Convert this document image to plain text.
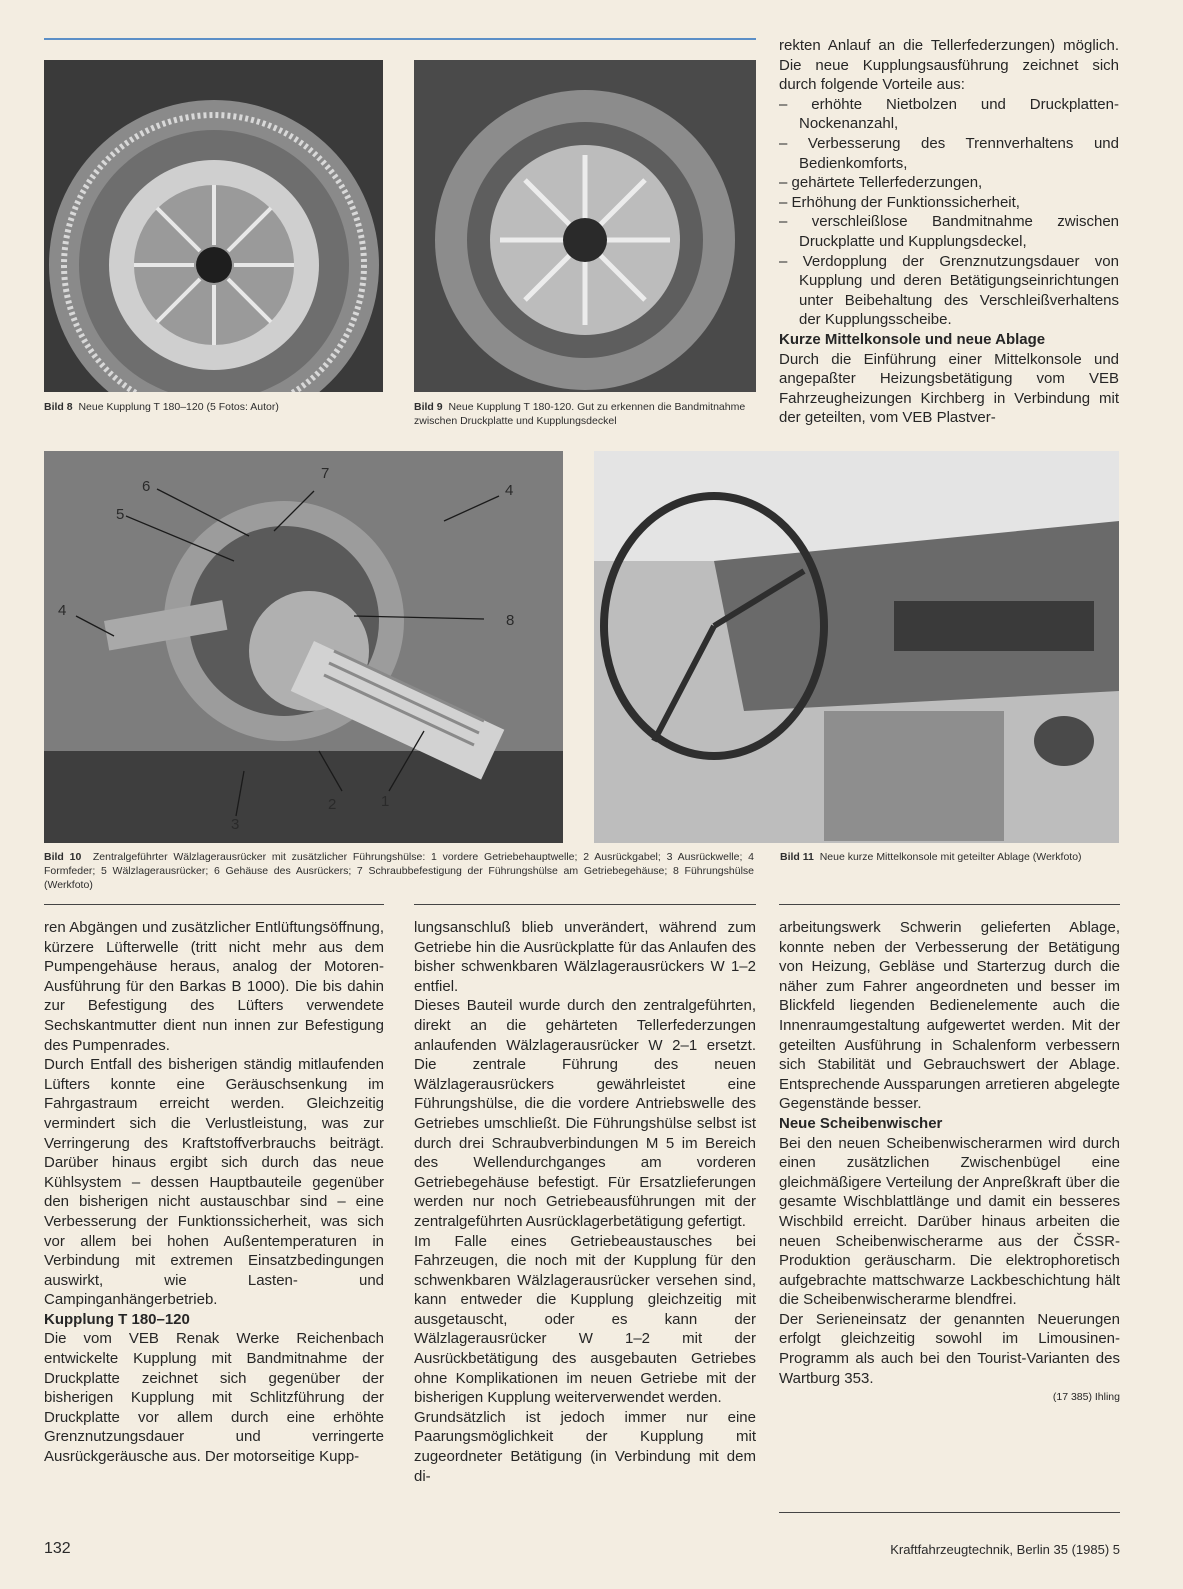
Bild 8 Neue Kupplung T 180–120 (5 Fotos: Autor)	Bild 9 Neue Kupplung T 180-120. Gut zu erkennen die Bandmitnahme zwischen Druckplatte und Kupplungsdeckel

rekten Anlauf an die Tellerfederzungen) möglich. Die neue Kupplungsausführung zeichnet sich durch folgende Vorteile aus:

– erhöhte Nietbolzen und Druckplatten-Nockenanzahl,

– Verbesserung des Trennverhaltens und Bedienkomforts,

– gehärtete Tellerfederzungen,

– Erhöhung der Funktionssicherheit,

– verschleißlose Bandmitnahme zwischen Druckplatte und Kupplungsdeckel,

– Verdopplung der Grenznutzungsdauer von Kupplung und deren Betätigungseinrichtungen unter Beibehaltung des Verschleißverhaltens der Kupplungsscheibe.

Kurze Mittelkonsole und neue Ablage

Durch die Einführung einer Mittelkonsole und angepaßter Heizungsbetätigung vom VEB Fahrzeugheizungen Kirchberg in Verbindung mit der geteilten, vom VEB Plastver-

6
5
7
4
4
8
1
2
3
Bild 10 Zentralgeführter Wälzlagerausrücker mit zusätzlicher Führungshülse: 1 vordere Getriebehauptwelle; 2 Ausrückgabel; 3 Ausrückwelle; 4 Formfeder; 5 Wälzlagerausrücker; 6 Gehäuse des Ausrückers; 7 Schraubbefestigung der Führungshülse am Getriebegehäuse; 8 Führungshülse (Werkfoto)
Bild 11 Neue kurze Mittelkonsole mit geteilter Ablage (Werkfoto)

ren Abgängen und zusätzlicher Entlüftungsöffnung, kürzere Lüfterwelle (tritt nicht mehr aus dem Pumpengehäuse heraus, analog der Motoren-Ausführung für den Barkas B 1000). Die bis dahin zur Befestigung des Lüfters verwendete Sechskantmutter dient nun innen zur Befestigung des Pumpenrades.

Durch Entfall des bisherigen ständig mitlaufenden Lüfters konnte eine Geräuschsenkung im Fahrgastraum erreicht werden. Gleichzeitig vermindert sich die Verlustleistung, was zur Verringerung des Kraftstoffverbrauchs beiträgt. Darüber hinaus ergibt sich durch das neue Kühlsystem – dessen Hauptbauteile gegenüber den bisherigen nicht austauschbar sind – eine Verbesserung der Funktionssicherheit, was sich vor allem bei hohen Außentemperaturen in Verbindung mit extremen Einsatzbedingungen auswirkt, wie Lasten- und Campinganhängerbetrieb.

Kupplung T 180–120

Die vom VEB Renak Werke Reichenbach entwickelte Kupplung mit Bandmitnahme der Druckplatte zeichnet sich gegenüber der bisherigen Kupplung mit Schlitzführung der Druckplatte vor allem durch eine erhöhte Grenznutzungsdauer und verringerte Ausrückgeräusche aus. Der motorseitige Kupp-

lungsanschluß blieb unverändert, während zum Getriebe hin die Ausrückplatte für das Anlaufen des bisher schwenkbaren Wälzlagerausrückers W 1–2 entfiel.

Dieses Bauteil wurde durch den zentralgeführten, direkt an die gehärteten Tellerfederzungen anlaufenden Wälzlagerausrücker W 2–1 ersetzt. Die zentrale Führung des neuen Wälzlagerausrückers gewährleistet eine Führungshülse, die die vordere Antriebswelle des Getriebes umschließt. Die Führungshülse selbst ist durch drei Schraubverbindungen M 5 im Bereich des Wellendurchganges am vorderen Getriebegehäuse befestigt. Für Ersatzlieferungen werden nur noch Getriebeausführungen mit der zentralgeführten Ausrücklagerbetätigung gefertigt.

Im Falle eines Getriebeaustausches bei Fahrzeugen, die noch mit der Kupplung für den schwenkbaren Wälzlagerausrücker versehen sind, kann entweder die Kupplung gleichzeitig mit ausgetauscht, oder es kann der Wälzlagerausrücker W 1–2 mit der Ausrückbetätigung des ausgebauten Getriebes ohne Komplikationen im neuen Getriebe mit der bisherigen Kupplung weiterverwendet werden.

Grundsätzlich ist jedoch immer nur eine Paarungsmöglichkeit der Kupplung mit zugeordneter Betätigung (in Verbindung mit dem di-

arbeitungswerk Schwerin gelieferten Ablage, konnte neben der Verbesserung der Betätigung von Heizung, Gebläse und Starterzug durch die näher zum Fahrer angeordneten und besser im Blickfeld liegenden Bedienelemente auch die Innenraumgestaltung aufgewertet werden. Mit der geteilten Ausführung in Schalenform verbessern sich Stabilität und Gebrauchswert der Ablage. Entsprechende Aussparungen arretieren abgelegte Gegenstände besser.

Neue Scheibenwischer

Bei den neuen Scheibenwischerarmen wird durch einen zusätzlichen Zwischenbügel eine gleichmäßigere Verteilung der Anpreßkraft über die gesamte Wischblattlänge und damit ein besseres Wischbild erreicht. Darüber hinaus arbeiten die neuen Scheibenwischerarme aus der ČSSR-Produktion geräuscharm. Die elektrophoretisch aufgebrachte mattschwarze Lackbeschichtung hält die Scheibenwischerarme blendfrei.

Der Serieneinsatz der genannten Neuerungen erfolgt gleichzeitig sowohl im Limousinen-Programm als auch bei den Tourist-Varianten des Wartburg 353.

(17 385) Ihling

132	Kraftfahrzeugtechnik, Berlin 35 (1985) 5
